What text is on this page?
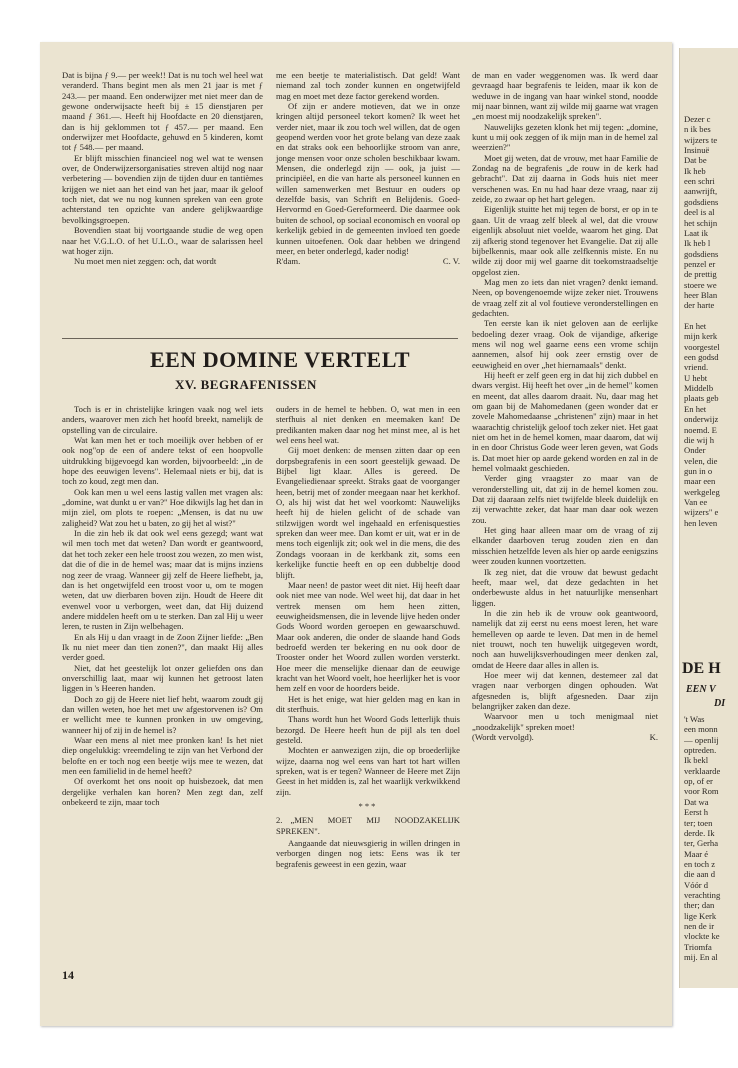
Dezer c
n ik bes
wijzers te
Insinuë
Dat be
Ik heb
een schri
aanwrijft,
godsdiens
deel is al
het schijn
Laat ik
Ik heb l
godsdiens
penzel er
de prettig
stoere we
heer Blan
der harte
En het
mijn kerk
voorgestel
een godsd
vriend.
U hebt
Middelb
plaats geb
En het
onderwijz
noemd. E
die wij h
Onder
velen, die
gun in o
maar een
werkgeleg
Van ee
wijzers" e
hen leven
DE H
EEN V
DI
't Was
een monn
— openlij
optreden.
Ik bekl
verklaarde
op, of er
voor Rom
Dat wa
Eerst h
ter; toen
derde. Ik
ter, Gerha
Maar é
en toch z
die aan d
Vóór d
verachting
ther; dan
lige Kerk
nen de ir
vlockte ke
Triomfa
mij. En al

Dat is bijna ƒ 9.— per week!! Dat is nu toch wel heel wat veranderd. Thans begint men als men 21 jaar is met ƒ 243.— per maand. Een onderwijzer met niet meer dan de gewone onderwijsacte heeft bij ± 15 dienstjaren per maand ƒ 361.—. Heeft hij Hoofdacte en 20 dienstjaren, dan is hij geklommen tot ƒ 457.— per maand. Een onderwijzer met Hoofdacte, gehuwd en 5 kinderen, komt tot ƒ 548.— per maand.

Er blijft misschien financieel nog wel wat te wensen over, de Onderwijzersorganisaties streven altijd nog naar verbetering — bovendien zijn de tijden duur en tantièmes krijgen we niet aan het eind van het jaar, maar ik geloof toch niet, dat we nu nog kunnen spreken van een grote achterstand ten opzichte van andere gelijkwaardige bevolkingsgroepen.

Bovendien staat bij voortgaande studie de weg open naar het V.G.L.O. of het U.L.O., waar de salarissen heel wat hoger zijn.

Nu moet men niet zeggen: och, dat wordt

me een beetje te materialistisch. Dat geld! Want niemand zal toch zonder kunnen en ongetwijfeld mag en moet met deze factor gerekend worden.

Of zijn er andere motieven, dat we in onze kringen altijd personeel tekort komen? Ik weet het verder niet, maar ik zou toch wel willen, dat de ogen geopend werden voor het grote belang van deze zaak en dat straks ook een behoorlijke stroom van anre, jonge mensen voor onze scholen beschikbaar kwam. Mensen, die onderlegd zijn — ook, ja juist — principiëel, en die van harte als personeel kunnen en willen samenwerken met Bestuur en ouders op dezelfde basis, van Schrift en Belijdenis. Goed-Hervormd en Goed-Gereformeerd. Die daarmee ook buiten de school, op sociaal economisch en vooral op kerkelijk gebied in de gemeenten invloed ten goede kunnen uitoefenen. Ook daar hebben we dringend meer, en beter onderlegd, kader nodig!

R'dam.	C. V.

de man en vader weggenomen was. Ik werd daar gevraagd haar begrafenis te leiden, maar ik kon de weduwe in de ingang van haar winkel stond, noodde mij naar binnen, want zij wilde mij gaarne wat vragen „en moest mij noodzakelijk spreken".

Nauwelijks gezeten klonk het mij tegen: „domine, kunt u mij ook zeggen of ik mijn man in de hemel zal weerzien?"

Moet gij weten, dat de vrouw, met haar Familie de Zondag na de begrafenis „de rouw in de kerk had gebracht". Dat zij daarna in Gods huis niet meer verschenen was. En nu had haar deze vraag, naar zij zeide, zo zwaar op het hart gelegen.

Eigenlijk stuitte het mij tegen de borst, er op in te gaan. Uit de vraag zelf bleek al wel, dat die vrouw eigenlijk absoluut niet voelde, waarom het ging. Dat zij afkerig stond tegenover het Evangelie. Dat zij alle bijbelkennis, maar ook alle zelfkennis miste. En nu wilde zij door mij wel gaarne dit toekomstraadseltje opgelost zien.

Mag men zo iets dan niet vragen? denkt iemand. Neen, op bovengenoemde wijze zeker niet. Trouwens de vraag zelf zit al vol foutieve veronderstellingen en gedachten.

Ten eerste kan ik niet geloven aan de eerlijke bedoeling dezer vraag. Ook de vijandige, afkerige mens wil nog wel gaarne eens een vrome schijn aannemen, alsof hij ook zeer ernstig over de eeuwigheid en over „het hiernamaals" denkt.

Hij heeft er zelf geen erg in dat hij zich dubbel en dwars vergist. Hij heeft het over „in de hemel" komen en meent, dat alles daarom draait. Nu, daar mag het om gaan bij de Mahomedanen (geen wonder dat er zovele Mahomedaanse „christenen" zijn) maar in het waarachtig christelijk geloof toch zeker niet. Het gaat niet om het in de hemel komen, maar daarom, dat wij in en door Christus Gode weer leren geven, wat Gods is. Dat moet hier op aarde gekend worden en zal in de hemel volmaakt geschieden.

Verder ging vraagster zo maar van de veronderstelling uit, dat zij in de hemel komen zou. Dat zij daaraan zelfs niet twijfelde bleek duidelijk en zij verwachtte zeker, dat haar man daar ook wezen zou.

Het ging haar alleen maar om de vraag of zij elkander daarboven terug zouden zien en dan misschien hetzelfde leven als hier op aarde eenigszins weer zouden kunnen voortzetten.

Ik zeg niet, dat die vrouw dat bewust gedacht heeft, maar wel, dat deze gedachten in het onderbewuste aldus in het natuurlijke mensenhart liggen.

In die zin heb ik de vrouw ook geantwoord, namelijk dat zij eerst nu eens moest leren, het ware hemelleven op aarde te leven. Dat men in de hemel niet trouwt, noch ten huwelijk uitgegeven wordt, noch aan huwelijksverhoudingen meer denken zal, omdat de Heere daar alles in allen is.

Hoe meer wij dat kennen, destemeer zal dat vragen naar verborgen dingen ophouden. Wat afgesneden is, blijft afgesneden. Daar zijn belangrijker zaken dan deze.

Waarvoor men u toch menigmaal niet „noodzakelijk" spreken moet!

(Wordt vervolgd).	K.
EEN DOMINE VERTELT
XV. BEGRAFENISSEN

Toch is er in christelijke kringen vaak nog wel iets anders, waarover men zich het hoofd breekt, namelijk de opstelling van de circulaire.

Wat kan men het er toch moeilijk over hebben of er ook nog"op de een of andere tekst of een hoopvolle uitdrukking bijgevoegd kan worden, bijvoorbeeld: „in de hope des eeuwigen levens". Helemaal niets er bij, dat is toch zo koud, zegt men dan.

Ook kan men u wel eens lastig vallen met vragen als: „domine, wat dunkt u er van?" Hoe dikwijls lag het dan in mijn ziel, om plots te roepen: „Mensen, is dat nu uw zaligheid? Wat zou het u baten, zo gij het al wist?"

In die zin heb ik dat ook wel eens gezegd; want wat wil men toch met dat weten? Dan wordt er geantwoord, dat het toch zeker een hele troost zou wezen, zo men wist, dat die of die in de hemel was; maar dat is mijns inziens nog zeer de vraag. Wanneer gij zelf de Heere liefhebt, ja, dan is het ongetwijfeld een troost voor u, om te mogen weten, dat uw dierbaren boven zijn. Houdt de Heere dit evenwel voor u verborgen, weet dan, dat Hij duizend andere middelen heeft om u te sterken. Dan zal Hij u weer leren, te rusten in Zijn welbehagen.

En als Hij u dan vraagt in de Zoon Zijner liefde: „Ben Ik nu niet meer dan tien zonen?", dan maakt Hij alles verder goed.

Niet, dat het geestelijk lot onzer geliefden ons dan onverschillig laat, maar wij kunnen het getroost laten liggen in 's Heeren handen.

Doch zo gij de Heere niet lief hebt, waarom zoudt gij dan willen weten, hoe het met uw afgestorvenen is? Om er wellicht mee te kunnen pronken in uw omgeving, wanneer hij of zij in de hemel is?

Waar een mens al niet mee pronken kan! Is het niet diep ongelukkig: vreemdeling te zijn van het Verbond der belofte en er toch nog een beetje wijs mee te wezen, dat men een familielid in de hemel heeft?

Of overkomt het ons nooit op huisbezoek, dat men dergelijke verhalen kan horen? Men zegt dan, zelf onbekeerd te zijn, maar toch

ouders in de hemel te hebben. O, wat men in een sterfhuis al niet denken en meemaken kan! De predikanten maken daar nog het minst mee, al is het wel eens heel wat.

Gij moet denken: de mensen zitten daar op een dorpsbegrafenis in een soort geestelijk gewaad. De Bijbel ligt klaar. Alles is gereed. De Evangeliedienaar spreekt. Straks gaat de voorganger heen, betrij met of zonder meegaan naar het kerkhof. O, als hij wist dat het wel voorkomt: Nauwelijks heeft hij de hielen gelicht of de schade van stilzwijgen wordt wel ingehaald en erfenisquesties spreken dan weer mee. Dan komt er uit, wat er in de mens toch eigenlijk zit; ook wel in die mens, die des Zondags vooraan in de kerkbank zit, soms een kerkelijke functie heeft en op een dubbeltje dood blijft.

Maar neen! de pastor weet dit niet. Hij heeft daar ook niet mee van node. Wel weet hij, dat daar in het vertrek mensen om hem heen zitten, eeuwigheidsmensen, die in levende lijve heden onder Gods Woord worden geroepen en gewaarschuwd. Maar ook anderen, die onder de slaande hand Gods bedroefd werden ter bekering en nu ook door de Trooster onder het Woord zullen worden versterkt. Hoe meer die menselijke dienaar dan de eeuwige kracht van het Woord voelt, hoe heerlijker het is voor hem zelf en voor de hoorders beide.

Het is het enige, wat hier gelden mag en kan in dit sterfhuis.

Thans wordt hun het Woord Gods letterlijk thuis bezorgd. De Heere heeft hun de pijl als ten doel gesteld.

Mochten er aanwezigen zijn, die op broederlijke wijze, daarna nog wel eens van hart tot hart willen spreken, wat is er tegen? Wanneer de Heere met Zijn Geest in het midden is, zal het waarlijk verkwikkend zijn.

***
2. „MEN MOET MIJ NOODZAKELIJK SPREKEN".

Aangaande dat nieuwsgierig in willen dringen in verborgen dingen nog iets: Eens was ik ter begrafenis geweest in een gezin, waar

14
